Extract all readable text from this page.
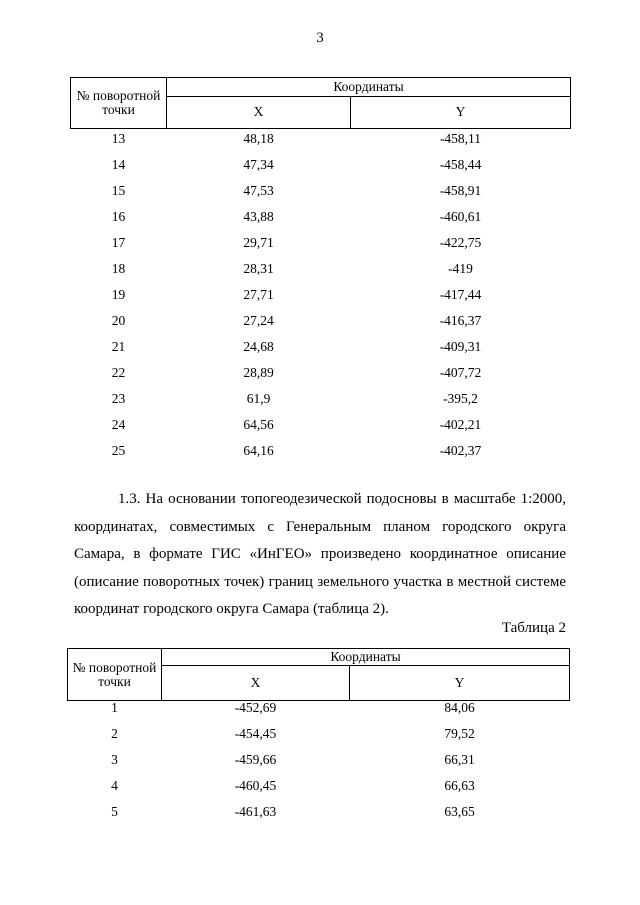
3
№ поворотной точки	Координаты	
	X	Y
13	48,18	-458,11
14	47,34	-458,44
15	47,53	-458,91
16	43,88	-460,61
17	29,71	-422,75
18	28,31	-419
19	27,71	-417,44
20	27,24	-416,37
21	24,68	-409,31
22	28,89	-407,72
23	61,9	-395,2
24	64,56	-402,21
25	64,16	-402,37

1.3. На основании топогеодезической подосновы в масштабе 1:2000, координатах, совместимых с Генеральным планом городского округа Самара, в формате ГИС «ИнГЕО» произведено координатное описание (описание поворотных точек) границ земельного участка в местной системе координат городского округа Самара (таблица 2).

Таблица 2
№ поворотной точки	Координаты	
	X	Y
1	-452,69	84,06
2	-454,45	79,52
3	-459,66	66,31
4	-460,45	66,63
5	-461,63	63,65
